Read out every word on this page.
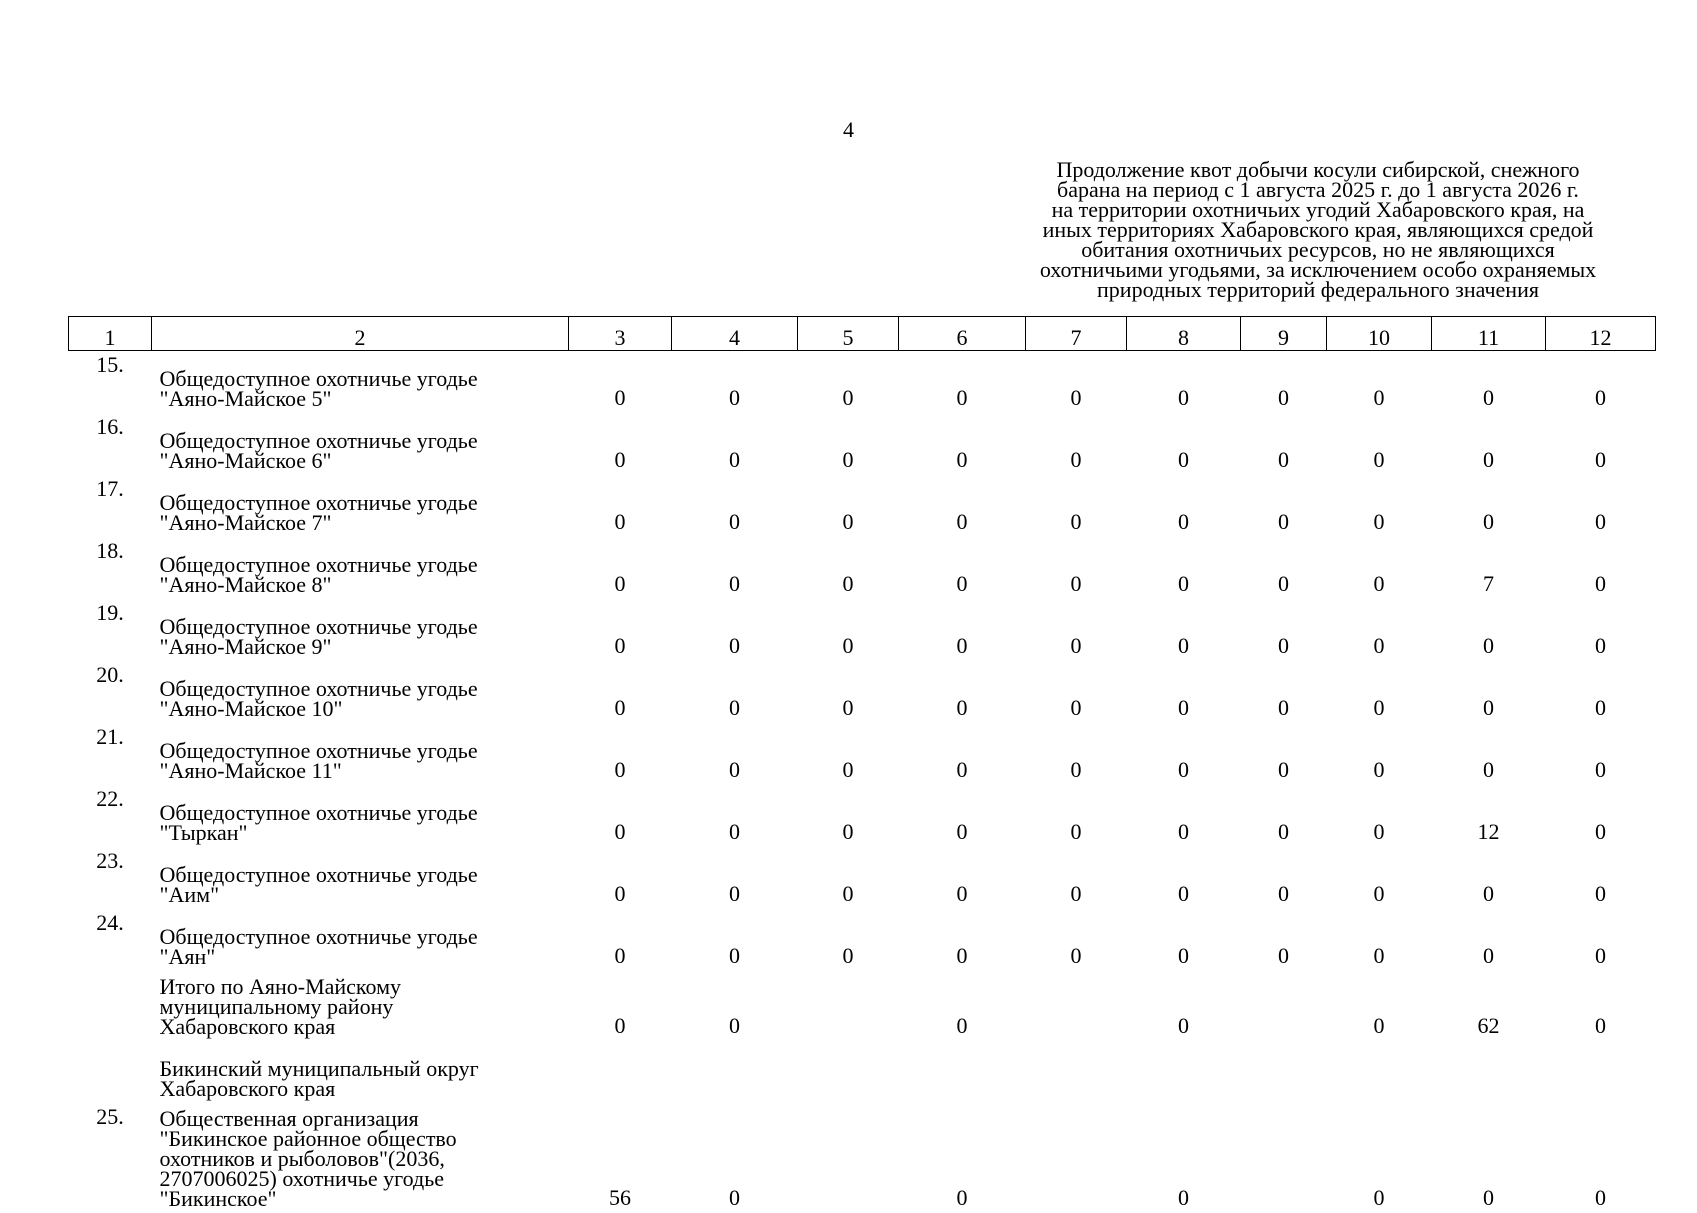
4
Продолжение квот добычи косули сибирской, снежного
барана на период с 1 августа 2025 г. до 1 августа 2026 г.
на территории охотничьих угодий Хабаровского края, на
иных территориях Хабаровского края, являющихся средой
обитания охотничьих ресурсов, но не являющихся
охотничьими угодьями, за исключением особо охраняемых
природных территорий федерального значения
1	2	3	4	5	6	7	8	9	10	11	12
15.	Общедоступное охотничье угодье
"Аяно-Майское 5"	0	0	0	0	0	0	0	0	0	0
16.	Общедоступное охотничье угодье
"Аяно-Майское 6"	0	0	0	0	0	0	0	0	0	0
17.	Общедоступное охотничье угодье
"Аяно-Майское 7"	0	0	0	0	0	0	0	0	0	0
18.	Общедоступное охотничье угодье
"Аяно-Майское 8"	0	0	0	0	0	0	0	0	7	0
19.	Общедоступное охотничье угодье
"Аяно-Майское 9"	0	0	0	0	0	0	0	0	0	0
20.	Общедоступное охотничье угодье
"Аяно-Майское 10"	0	0	0	0	0	0	0	0	0	0
21.	Общедоступное охотничье угодье
"Аяно-Майское 11"	0	0	0	0	0	0	0	0	0	0
22.	Общедоступное охотничье угодье
"Тыркан"	0	0	0	0	0	0	0	0	12	0
23.	Общедоступное охотничье угодье
"Аим"	0	0	0	0	0	0	0	0	0	0
24.	Общедоступное охотничье угодье
"Аян"	0	0	0	0	0	0	0	0	0	0

	Итого по Аяно-Майскому
муниципальному району
Хабаровского края	0	0		0		0		0	62	0

	Бикинский муниципальный округ
Хабаровского края										

25.	Общественная организация
"Бикинское районное общество
охотников и рыболовов"(2036,
2707006025) охотничье угодье
"Бикинское"	56	0		0		0		0	0	0
